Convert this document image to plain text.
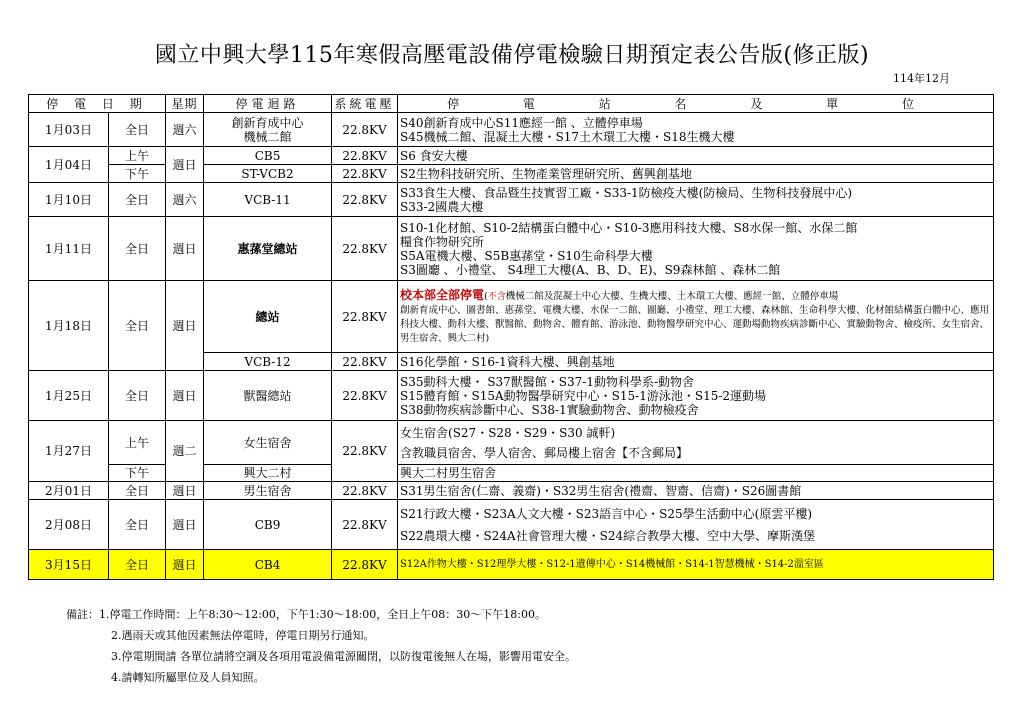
國立中興大學115年寒假高壓電設備停電檢驗日期預定表公告版(修正版)
114年12月
停 電 日 期		星期	停電迴路	系統電壓	停 電 站 名 及 單 位
1月03日	全日	週六	創新育成中心
機械二館	22.8KV	S40創新育成中心S11應經一館 、立體停車場
S45機械二館、混凝土大樓・S17土木環工大樓・S18生機大樓
1月04日	上午	週日	CB5	22.8KV	S6 食安大樓
	下午		ST-VCB2	22.8KV	S2生物科技研究所、生物產業管理研究所、舊興創基地
1月10日	全日	週六	VCB-11	22.8KV	S33食生大樓、食品暨生技實習工廠・S33-1防檢疫大樓(防檢局、生物科技發展中心)
S33-2國農大樓
1月11日	全日	週日	惠蓀堂總站	22.8KV	S10-1化材館、S10-2結構蛋白體中心・S10-3應用科技大樓、S8水保一館、水保二館
糧食作物研究所
S5A電機大樓、S5B惠蓀堂・S10生命科學大樓
S3圖廳 、小禮堂、 S4理工大樓(A、B、D、E)、S9森林館 、森林二館
1月18日	全日	週日	總站	22.8KV	校本部全部停電(不含機械二館及混凝土中心大樓、生機大樓、土木環工大樓、應經一館、立體停車場
創新育成中心、圖書館、惠蓀堂、電機大樓、水保一二館、圖廳、小禮堂、理工大樓、森林館、生命科學大樓、化材館結構蛋白體中心、應用科技大樓、動科大樓、獸醫館、動物舍、體育館、游泳池、動物醫學研究中心、運動場動物疾病診斷中心、實驗動物舍、檢疫所、女生宿舍、男生宿舍、興大二村)
			VCB-12	22.8KV	S16化學館・S16-1資科大樓、興創基地
1月25日	全日	週日	獸醫總站	22.8KV	S35動科大樓・ S37獸醫館・S37-1動物科學系-動物舍
S15體育館・S15A動物醫學研究中心・S15-1游泳池・S15-2運動場
S38動物疾病診斷中心、S38-1實驗動物舍、動物檢疫舍
1月27日	上午	週二	女生宿舍	22.8KV	女生宿舍(S27・S28・S29・S30 誠軒)
含教職員宿舍、學人宿舍、郵局樓上宿舍【不含郵局】
	下午		興大二村		興大二村男生宿舍
2月01日	全日	週日	男生宿舍	22.8KV	S31男生宿舍(仁齋、義齋)・S32男生宿舍(禮齋、智齋、信齋)・S26圖書館
2月08日	全日	週日	CB9	22.8KV	S21行政大樓・S23A人文大樓・S23語言中心・S25學生活動中心(原雲平樓)
S22農環大樓・S24A社會管理大樓・S24綜合教學大樓、空中大學、摩斯漢堡
3月15日	全日	週日	CB4	22.8KV	S12A作物大樓・S12理學大樓・S12-1遺傳中心・S14機械館・S14-1智慧機械・S14-2溫室區
備註：1.停電工作時間：上午8:30～12:00，下午1:30～18:00，全日上午08：30～下午18:00。
2.遇雨天或其他因素無法停電時，停電日期另行通知。
3.停電期間請 各單位請將空調及各項用電設備電源關閉，以防復電後無人在場，影響用電安全。
4.請轉知所屬單位及人員知照。
